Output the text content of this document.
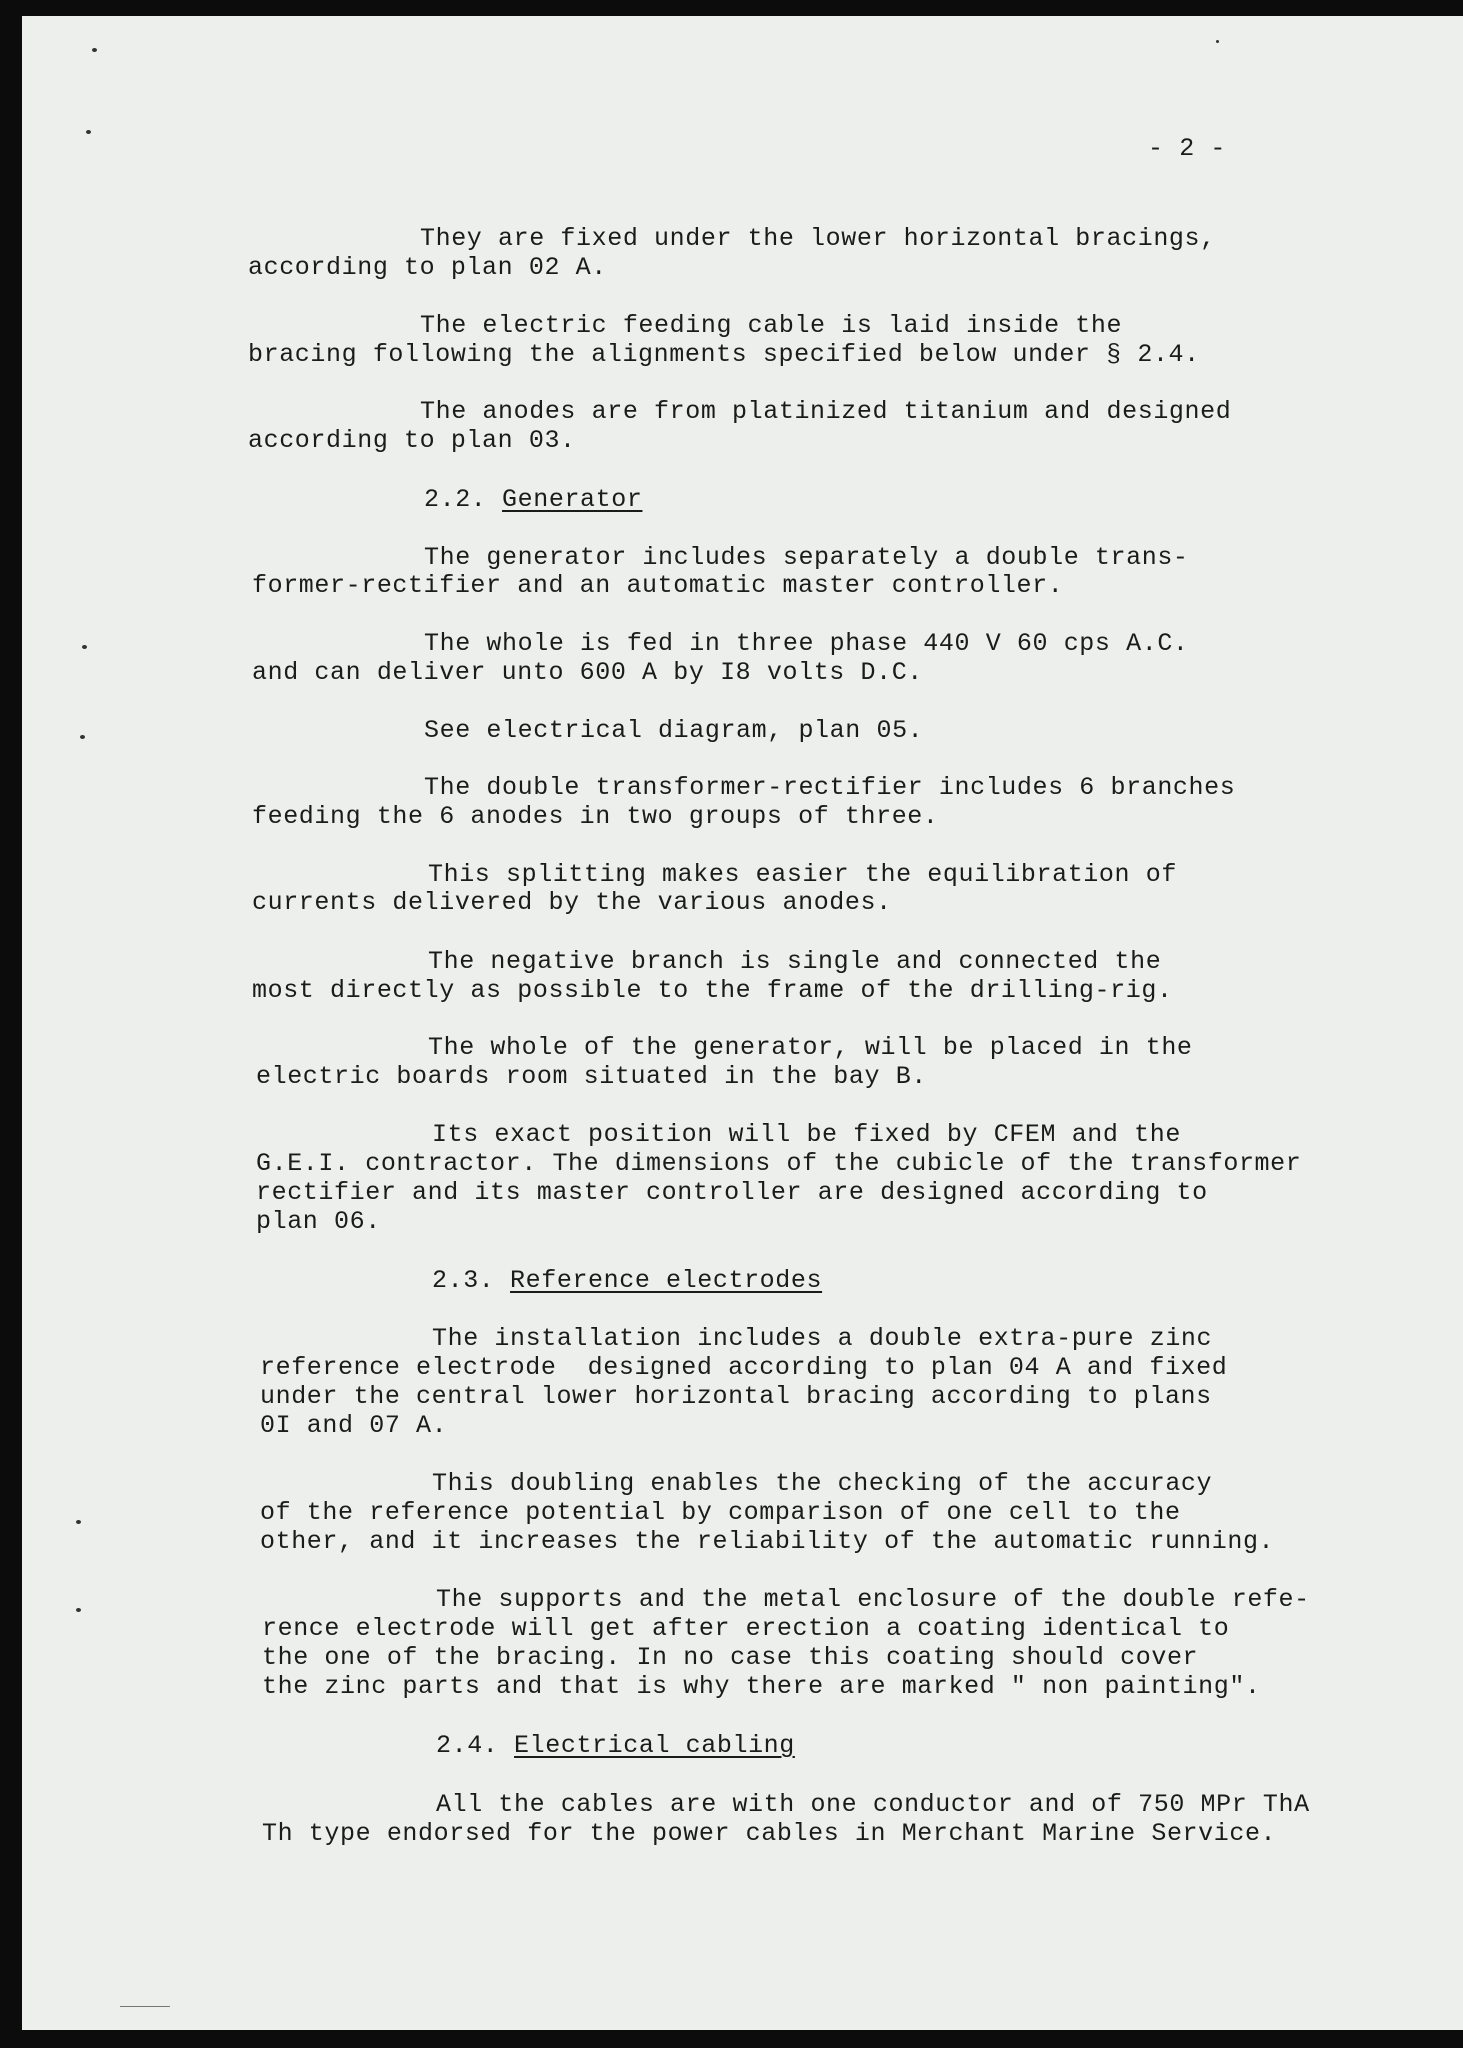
- 2 -
They are fixed under the lower horizontal bracings,
according to plan 02 A.
The electric feeding cable is laid inside the
bracing following the alignments specified below under § 2.4.
The anodes are from platinized titanium and designed
according to plan 03.
2.2. Generator
The generator includes separately a double trans-
former-rectifier and an automatic master controller.
The whole is fed in three phase 440 V 60 cps A.C.
and can deliver unto 600 A by I8 volts D.C.
See electrical diagram, plan 05.
The double transformer-rectifier includes 6 branches
feeding the 6 anodes in two groups of three.
This splitting makes easier the equilibration of
currents delivered by the various anodes.
The negative branch is single and connected the
most directly as possible to the frame of the drilling-rig.
The whole of the generator, will be placed in the
electric boards room situated in the bay B.
Its exact position will be fixed by CFEM and the
G.E.I. contractor. The dimensions of the cubicle of the transformer
rectifier and its master controller are designed according to
plan 06.
2.3. Reference electrodes
The installation includes a double extra-pure zinc
reference electrode  designed according to plan 04 A and fixed
under the central lower horizontal bracing according to plans
0I and 07 A.
This doubling enables the checking of the accuracy
of the reference potential by comparison of one cell to the
other, and it increases the reliability of the automatic running.
The supports and the metal enclosure of the double refe-
rence electrode will get after erection a coating identical to
the one of the bracing. In no case this coating should cover
the zinc parts and that is why there are marked " non painting".
2.4. Electrical cabling
All the cables are with one conductor and of 750 MPr ThA
Th type endorsed for the power cables in Merchant Marine Service.
